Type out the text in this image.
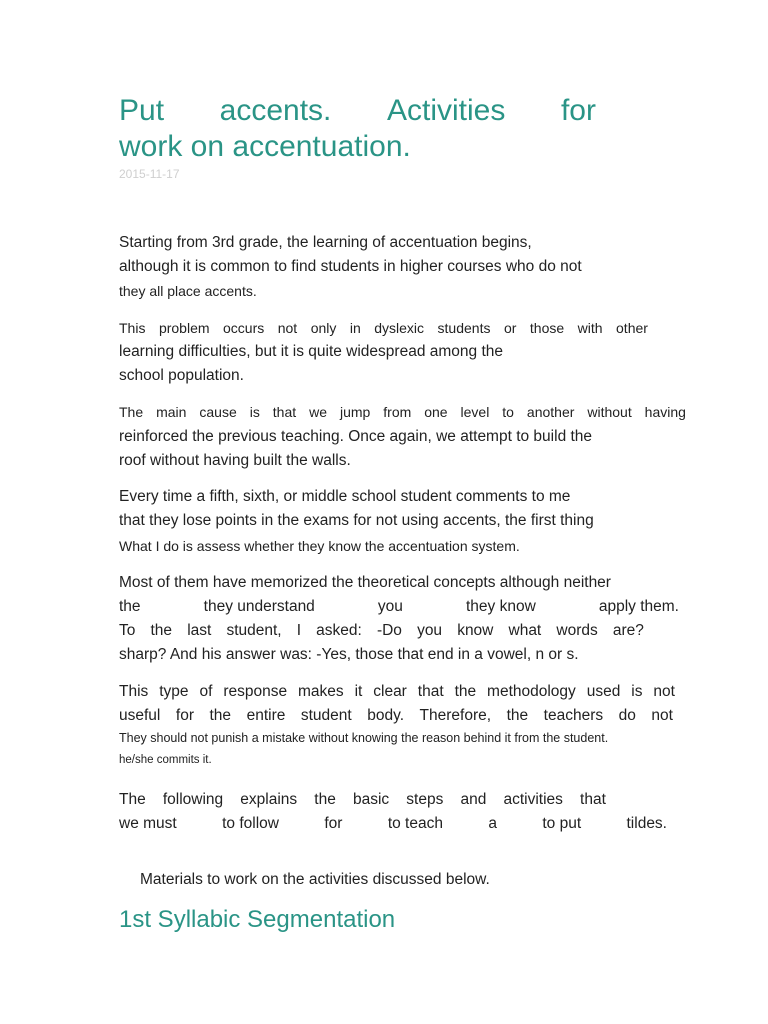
Put accents. Activities for
work on accentuation.
2015-11-17
Starting from 3rd grade, the learning of accentuation begins,
although it is common to find students in higher courses who do not
they all place accents.
This problem occurs not only in dyslexic students or those with other
learning difficulties, but it is quite widespread among the
school population.
The main cause is that we jump from one level to another without having
reinforced the previous teaching. Once again, we attempt to build the
roof without having built the walls.
Every time a fifth, sixth, or middle school student comments to me
that they lose points in the exams for not using accents, the first thing
What I do is assess whether they know the accentuation system.
Most of them have memorized the theoretical concepts although neither
the	they understand	you	they know	apply them.
To the last student, I asked: -Do you know what words are?
sharp? And his answer was: -Yes, those that end in a vowel, n or s.
This type of response makes it clear that the methodology used is not
useful for the entire student body. Therefore, the teachers do not
They should not punish a mistake without knowing the reason behind it from the student.
he/she commits it.
The following explains the basic steps and activities that
we must	to follow	for	to teach	a	to put	tildes.
Materials to work on the activities discussed below.
1st Syllabic Segmentation
